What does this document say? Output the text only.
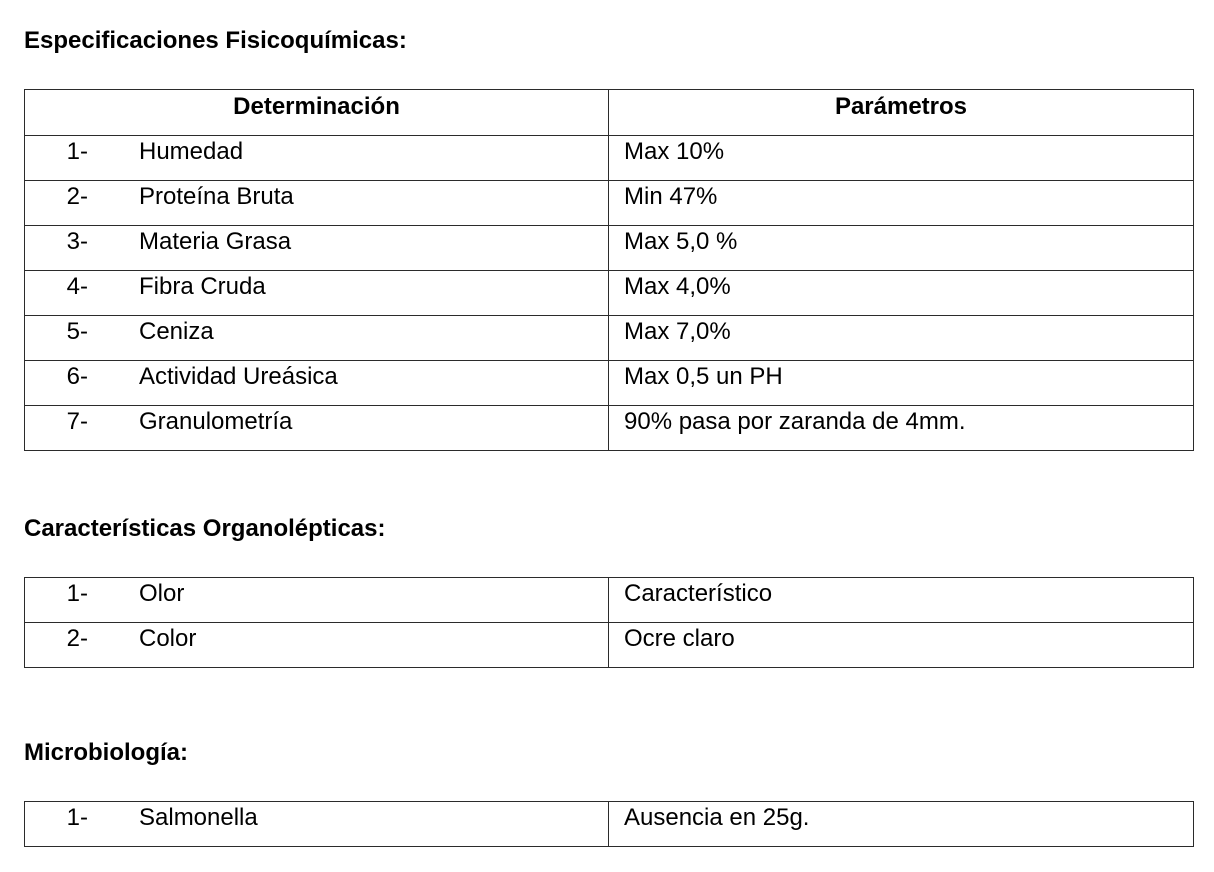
Especificaciones Fisicoquímicas:
Determinación	Parámetros
1- Humedad	Max 10%
2- Proteína Bruta	Min 47%
3- Materia Grasa	Max 5,0 %
4- Fibra Cruda	Max 4,0%
5- Ceniza	Max 7,0%
6- Actividad Ureásica	Max 0,5 un PH
7- Granulometría	90% pasa por zaranda de 4mm.
Características Organolépticas:
1- Olor	Característico
2- Color	Ocre claro
Microbiología:
1- Salmonella	Ausencia en 25g.
